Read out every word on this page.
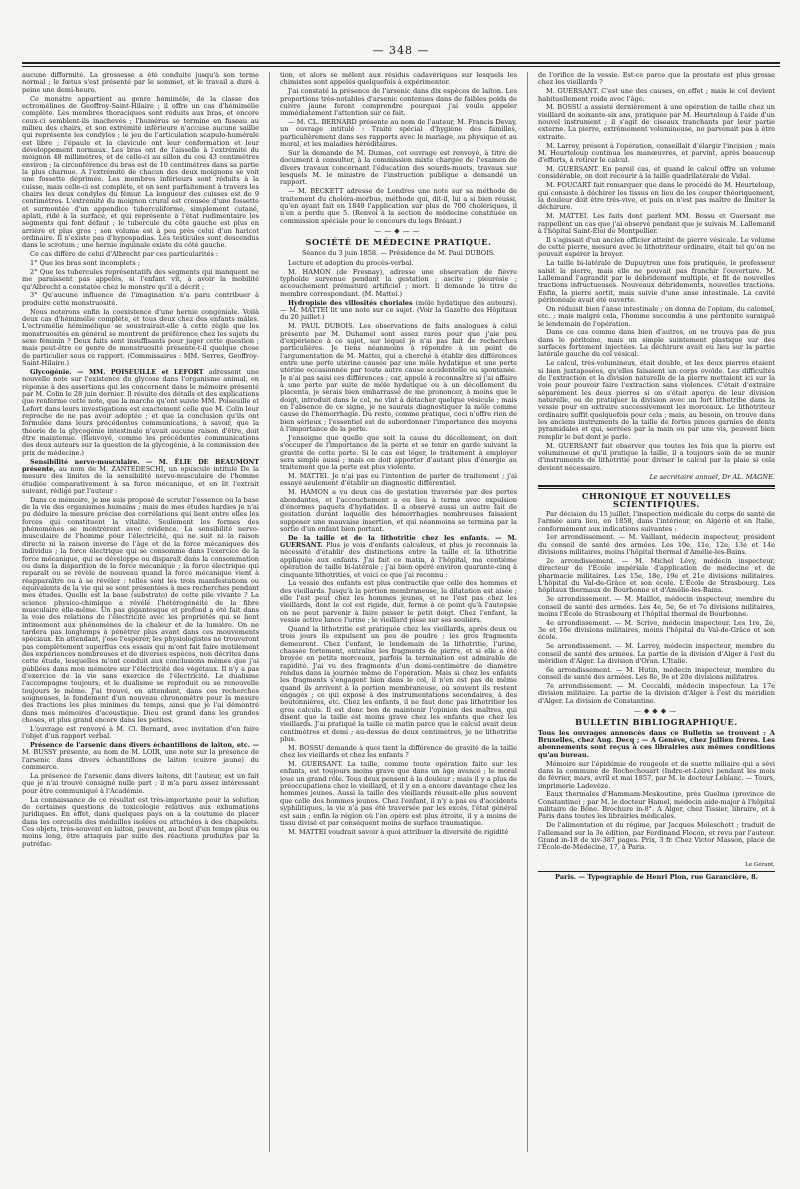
— 348 —

aucune difformité. La grossesse a été conduite jusqu'à son terme normal ; le fœtus s'est présenté par le sommet, et le travail a duré à peine une demi-heure.

Ce monstre appartient au genre hémimèle, de la classe des ectromélines de Geoffroy-Saint-Hilaire ; il offre un cas d'hémimélie complète. Les membres thoraciques sont réduits aux bras, et encore ceux-ci semblent-ils inachevés ; l'humérus se termine en fuseau au milieu des chairs, et son extrémité inférieure n'accuse aucune saillie qui représente les condyles ; le jeu de l'articulation scapulo-humérale est libre ; l'épaule et la clavicule ont leur conformation et leur développement normaux. Les bras ont de l'aisselle à l'extrémité du moignon 48 millimètres, et de celle-ci au sillon du cou 43 centimètres environ ; la circonférence du bras est de 10 centimètres dans sa partie la plus charnue. A l'extrémité de chacun des deux moignons se voit une fossette déprimée. Les membres inférieurs sont réduits à la cuisse, mais celle-ci est complète, et on sent parfaitement à travers les chairs les deux condyles du fémur. La longueur des cuisses est de 9 centimètres. L'extrémité du moignon crural est creusée d'une fossette et surmontée d'un appendice tuberculiforme, simplement cutané, aplati, ridé à la surface, et qui représente à l'état rudimentaire les segments qui font défaut ; le tubercule du côté gauche est plus en arrière et plus gros ; son volume est à peu près celui d'un haricot ordinaire. Il n'existe pas d'hypospadias. Les testicules sont descendus dans le scrotum ; une hernie inguinale existe du côté gauche.

Ce cas diffère de celui d'Albrecht par ces particularités :

1° Que les bras sont incomplets ;

2° Que les tubercules représentatifs des segments qui manquent ne me paraissent pas appelés, si l'enfant vit, à avoir la mobilité qu'Albrecht a constatée chez le monstre qu'il a décrit ;

3° Qu'aucune influence de l'imagination n'a paru contribuer à produire cette monstruosité.

Nous noterons enfin la coexistence d'une hernie congéniale. Voilà deux cas d'hémimélie complète, et tous deux chez des enfants mâles. L'ectromélie hémimélique se soustrairait-elle à cette règle que les monstruosités en général se montrent de préférence chez les sujets du sexe féminin ? Deux faits sont insuffisants pour juger cette question ; mais peut-être ce genre de monstruosité présente-t-il quelque chose de particulier sous ce rapport. (Commissaires : MM. Serres, Geoffroy-Saint-Hilaire.)

Glycogénie. — MM. POISEUILLE et LEFORT adressent une nouvelle note sur l'existence du glycose dans l'organisme animal, en réponse à des assertions qui les concernent dans le mémoire présenté par M. Colin le 28 juin dernier. Il résulte des détails et des explications que renferme cette note, que la marche qu'ont suivie MM. Poiseuille et Lefort dans leurs investigations est exactement celle que M. Colin leur reproche de ne pas avoir adoptée ; et que la conclusion qu'ils ont formulée dans leurs précédentes communications, à savoir, que la théorie de la glycogénie intestinale n'avait aucune raison d'être, doit être maintenue. (Renvoyé, comme les précédentes communications des deux auteurs sur la question de la glycogénie, à la commission des prix de médecine.)

Sensibilité nervo-musculaire. — M. ÉLIE DE BEAUMONT présente, au nom de M. ZANTEDESCHI, un opuscule intitulé De la mesure des limites de la sensibilité nervo-musculaire de l'homme étudiée comparativement à sa force mécanique, et en lit l'extrait suivant, rédigé par l'auteur :

Dans ce mémoire, je me suis proposé de scruter l'essence ou la base de la vie des organismes humains ; mais de mes études hardies je n'ai pu déduire la mesure précise des corrélations qui lient entre elles les forces qui constituent la vitalité. Seulement les formes des phénomènes se montrèrent avec évidence. La sensibilité nervo-musculaire de l'homme pour l'électricité, qui ne suit ni la raison directe ni la raison inverse de l'âge et de la force mécaniques des individus ; la force électrique qui se consomme dans l'exercice de la force mécanique, qui se développe ou disparaît dans la consommation ou dans la disparition de la force mécanique ; la force électrique qui reparaît ou se révèle de nouveau quand la force mécanique vient à réapparaître ou à se révéler : telles sont les trois manifestations ou équivalents de la vie qui se sont présentées à mes recherches pendant mes études. Quelle est la base (substrato) de cette pile vivante ? La science physico-chimique a révélé l'hétérogénéité de la fibre musculaire elle-même. Un pas gigantesque et profond a été fait dans la voie des relations de l'électricité avec les propriétés qui se lient intimement aux phénomènes de la chaleur et de la lumière. On ne tardera pas longtemps à pénétrer plus avant dans ces mouvements spéciaux. En attendant, j'ose l'espérer, les physiologistes ne trouveront pas complètement superflus ces essais qui m'ont fait faire inutilement des expériences nombreuses et de diverses espèces, non décrites dans cette étude, lesquelles m'ont conduit aux conclusions mêmes que j'ai publiées dans mon mémoire sur l'électricité des végétaux. Il n'y a pas d'exercice de la vie sans exercice de l'électricité. Le dualisme l'accompagne toujours, et le dualisme se reproduit ou se renouvelle toujours le même. J'ai trouvé, en attendant, dans ces recherches soigneuses, le fondement d'un nouveau chronomètre pour la mesure des fractions les plus minimes du temps, ainsi que je l'ai démontré dans mes mémoires d'acoustique. Dieu est grand dans les grandes choses, et plus grand encore dans les petites.

L'ouvrage est renvoyé à M. Cl. Bernard, avec invitation d'en faire l'objet d'un rapport verbal.

Présence de l'arsenic dans divers échantillons de laiton, etc. — M. BUSSY présente, au nom de M. LOIR, une note sur la présence de l'arsenic dans divers échantillons de laiton (cuivre jaune) du commerce.

La présence de l'arsenic dans divers laitons, dit l'auteur, est un fait que je n'ai trouvé consigné nulle part ; il m'a paru assez intéressant pour être communiqué à l'Académie.

La connaissance de ce résultat est très-importante pour la solution de certaines questions de toxicologie relatives aux exhumations juridiques. En effet, dans quelques pays on a la coutume de placer dans les cercueils des médailles isolées ou attachées à des chapelets. Ces objets, très-souvent en laiton, peuvent, au bout d'un temps plus ou moins long, être attaqués par suite des réactions produites par la putréfac-

tion, et alors se mêlent aux résidus cadavériques sur lesquels les chimistes sont appelés quelquefois à expérimenter.

J'ai constaté la présence de l'arsenic dans dix espèces de laiton. Les proportions très-notables d'arsenic contenues dans de faibles poids de cuivre jaune feront comprendre pourquoi j'ai voulu appeler immédiatement l'attention sur ce fait.

— M. CL. BERNARD présente au nom de l'auteur, M. Francis Devay, un ouvrage intitulé : Traité spécial d'hygiène des familles, particulièrement dans ses rapports avec le mariage, au physique et au moral, et les maladies héréditaires.

Sur la demande de M. Dumas, cet ouvrage est renvoyé, à titre de document à consulter, à la commission mixte chargée de l'examen de divers travaux concernant l'éducation des sourds-muets, travaux sur lesquels M. le ministre de l'instruction publique a demandé un rapport.

— M. BECKETT adresse de Londres une note sur sa méthode de traitement du choléra-morbus, méthode qui, dit-il, lui a si bien réussi, qu'en ayant fait en 1849 l'application sur plus de 700 cholériques, il n'en a perdu que 5. (Renvoi à la section de médecine constituée en commission spéciale pour le concours du legs Bréant.)

——◆——

SOCIÉTÉ DE MÉDECINE PRATIQUE.

Séance du 3 juin 1858. — Présidence de M. Paul DUBOIS.

Lecture et adoption du procès-verbal.

M. HAMON (de Fresnay), adresse une observation de fièvre typhoïde survenue pendant la gestation ; ascite ; pleurésie ; accouchement prématuré artificiel ; mort. Il demande le titre de membre correspondant. (M. Mattei.)

Hydropisie des villosités choriales (môle hydatique des auteurs). — M. MATTEI lit une note sur ce sujet. (Voir la Gazette des Hôpitaux du 20 juillet.)

M. PAUL DUBOIS. Les observations de faits analogues à celui présenté par M. Duhamel sont assez rares pour que j'aie peu d'expérience à ce sujet, sur lequel je n'ai pas fait de recherches particulières. Je tiens néanmoins à répondre à un point de l'argumentation de M. Mattei, qui a cherché à établir des différences entre une perte utérine causée par une môle hydatique et une perte utérine occasionnée par toute autre cause accidentelle ou spontanée. Je n'ai pas saisi ces différences ; car, appelé à reconnaître si j'ai affaire à une perte par suite de môle hydatique ou à un décollement du placenta, je serais bien embarrassé de me prononcer, à moins que le doigt, introduit dans le col, ne vînt à détacher quelque vésicule ; mais en l'absence de ce signe, je ne saurais diagnostiquer la môle comme cause de l'hémorrhagie. Du reste, comme pratique, ceci n'offre rien de bien sérieux ; l'essentiel est de subordonner l'importance des moyens à l'importance de la perte.

J'enseigne que quelle que soit la cause du décollement, on doit s'occuper de l'importance de la perte et se tenir en garde suivant la gravité de cette perte. Si le cas est léger, le traitement à employer sera simple aussi ; mais on doit apporter d'autant plus d'énergie au traitement que la perte est plus violente.

M. MATTEI. Je n'ai pas eu l'intention de parler de traitement ; j'ai essayé seulement d'établir un diagnostic différentiel.

M. HAMON a vu deux cas de gestation traversée par des pertes abondantes, et l'accouchement a eu lieu à terme avec expulsion d'énormes paquets d'hydatides. Il a observé aussi un autre fait de gestation durant laquelle des hémorrhagies nombreuses faisaient supposer une mauvaise insertion, et qui néanmoins se termina par la sortie d'un enfant bien portant.

De la taille et de la lithotritie chez les enfants. — M. GUERSANT. Plus je vois d'enfants calculeux, et plus je reconnais la nécessité d'établir des distinctions entre la taille et la lithotritie appliquée aux enfants. J'ai fait ce matin, à l'hôpital, ma centième opération de taille bi-latérale ; j'ai bien opéré environ quarante-cinq à cinquante lithotrities, et voici ce que j'ai reconnu :

La vessie des enfants est plus contractile que celle des hommes et des vieillards. Jusqu'à la portion membraneuse, la dilatation est aisée ; elle l'est peut chez les hommes jeunes, et ne l'est pas chez les vieillards, dont le col est rigide, dur, ferme à ce point qu'à l'autopsie on ne peut parvenir à faire passer le petit doigt. Chez l'enfant, la vessie active lance l'urine ; le vieillard pisse sur ses souliers.

Quand la lithotritie est pratiquée chez les vieillards, après deux ou trois jours ils expulsent un peu de poudre ; les gros fragments demeurent. Chez l'enfant, le lendemain de la lithotritie, l'urine, chassée fortement, entraîne les fragments de pierre, et si elle a été broyée en petits morceaux, parfois la termination est admirable de rapidité. J'ai vu des fragments d'un demi-centimètre de diamètre rendus dans la journée même de l'opération. Mais si chez les enfants les fragments s'engagent bien dans le col, il n'en est pas de même quand ils arrivent à la portion membraneuse, où souvent ils restent engagés ; ce qui expose à des instrumentations secondaires, à des boutonnières, etc. Chez les enfants, il ne faut donc pas lithotritier les gros calculs. Il est donc bon de maintenir l'opinion des maîtres, qui disent que la taille est moins grave chez les enfants que chez les vieillards. J'ai pratiqué la taille ce matin parce que le calcul avait deux centimètres et demi ; au-dessus de deux centimètres, je ne lithotritie plus.

M. BOSSU demande à quoi tient la différence de gravité de la taille chez les vieillards et chez les enfants ?

M. GUERSANT. La taille, comme toute opération faite sur les enfants, est toujours moins grave que dans un âge avancé ; le moral joue un grand rôle. Tous deux pensent à la douleur ; mais il y a plus de préoccupations chez le vieillard, et il y en a encore davantage chez les hommes jeunes. Aussi la taille des vieillards réussit-elle plus souvent que celle des hommes jeunes. Chez l'enfant, il n'y a pas eu d'accidents syphilitiques, la vie n'a pas été traversée par les excès, l'état général est sain ; enfin la région où l'on opère est plus étroite, il y a moins de tissu divisé et par conséquent moins de surface traumatique.

M. MATTEI voudrait savoir à quoi attribuer la diversité de rigidité

de l'orifice de la vessie. Est-ce parce que la prostate est plus grosse chez les vieillards ?

M. GUERSANT. C'est une des causes, en effet ; mais le col devient habituellement roide avec l'âge.

M. BOSSU a assisté dernièrement à une opération de taille chez un vieillard de soixante-six ans, pratiquée par M. Heurteloup à l'aide d'un nouvel instrument ; il s'agit de ciseaux tranchants par leur partie externe. La pierre, extrêmement volumineuse, ne parvenait pas à être extraite.

M. Larrey, présent à l'opération, conseillait d'élargir l'incision ; mais M. Heurteloup continua les manœuvres, et parvint, après beaucoup d'efforts, à retirer le calcul.

M. GUERSANT. En pareil cas, et quand le calcul offre un volume considérable, on doit recourir à la taille quadrilatérale de Vidal.

M. FOUCART fait remarquer que dans le procédé de M. Heurteloup, qui consiste à déchirer les tissus en lieu de les couper théoriquement, la douleur doit être très-vive, et puis on n'est pas maître de limiter la déchirure.

M. MATTEI. Les faits dont parlent MM. Bossu et Guersant me rappellent un cas que j'ai observé pendant que je suivais M. Lallemand à l'hôpital Saint-Éloi de Montpellier.

Il s'agissait d'un ancien officier atteint de pierre vésicale. Le volume de cette pierre, mesuré avec le lithotriteur ordinaire, était tel qu'on ne pouvait espérer la broyer.

La taille bi-latérale de Dupuytren une fois pratiquée, le professeur saisit la pierre, mais elle ne pouvait pas franchir l'ouverture. M. Lallemand l'agrandit par le débridement multiple, et fit de nouvelles tractions infructueuses. Nouveaux débridements, nouvelles tractions. Enfin, la pierre sortit, mais suivie d'une anse intestinale. La cavité péritonéale avait été ouverte.

On réduisit bien l'anse intestinale ; on donna de l'opium, du calomel, etc. ; mais malgré cela, l'homme succomba à une péritonite suraiguë le lendemain de l'opération.

Dans ce cas comme dans bien d'autres, on ne trouva pas de pus dans le péritoine, mais un simple suintement plastique sur des surfaces fortement injectées. La déchirure avait eu lieu sur la partie latérale gauche du col vésical.

Le calcul, très-volumineux, était double, et les deux pierres étaient si bien juxtaposées, qu'elles faisaient un corps ovoïde. Les difficultés de l'extraction et la division naturelle de la pierre mettaient ici sur la voie pour pouvoir faire l'extraction sans violences. C'était d'extraire séparément les deux pierres si on s'était aperçu de leur division naturelle, ou de pratiquer la division avec un fort lithotribe dans la vessie pour en extraire successivement les morceaux. Le lithotriteur ordinaire suffit quelquefois pour cela ; mais, au besoin, on trouve dans les anciens instruments de la taille de fortes pinces garnies de dents pyramidales et qui, serrées par la main ou par une vis, peuvent bien remplir le but dont je parle.

M. GUERSANT fait observer que toutes les fois que la pierre est volumineuse et qu'il pratique la taille, il a toujours soin de se munir d'instruments de lithotritie pour diviser le calcul par la plaie si cela devient nécessaire.

Le secrétaire annuel, Dr AL. MAGNE.

CHRONIQUE ET NOUVELLES SCIENTIFIQUES.

Par décision du 15 juillet, l'inspection médicale du corps de santé de l'armée aura lieu, en 1858, dans l'intérieur, en Algérie et en Italie, conformément aux indications suivantes :

1er arrondissement. — M. Vaillant, médecin inspecteur, président du conseil de santé des armées. Les 10e, 11e, 12e, 13e et 14e divisions militaires, moins l'hôpital thermal d'Amélie-les-Bains.

2e arrondissement. — M. Michel Lévy, médecin inspecteur, directeur de l'École impériale d'application de médecine et de pharmacie militaires. Les 15e, 18e, 19e et 21e divisions militaires. L'hôpital du Val-de-Grâce et son école. L'École de Strasbourg. Les hôpitaux thermaux de Bourbonne et d'Amélie-les-Bains.

3e arrondissement. — M. Maillot, médecin inspecteur, membre du conseil de santé des armées. Les 4e, 5e, 6e et 7e divisions militaires, moins l'École de Strasbourg et l'hôpital thermal de Bourbonne.

4e arrondissement. — M. Scrive, médecin inspecteur. Les 1re, 2e, 3e et 16e divisions militaires, moins l'hôpital du Val-de-Grâce et son école.

5e arrondissement. — M. Larrey, médecin inspecteur, membre du conseil de santé des armées. La partie de la division d'Alger à l'est du méridien d'Alger. La division d'Oran. L'Italie.

6e arrondissement. — M. Hutin, médecin inspecteur, membre du conseil de santé des armées. Les 8e, 9e et 20e divisions militaires.

7e arrondissement. — M. Ceccaldi, médecin inspecteur. La 17e division militaire. La partie de la division d'Alger à l'est du méridien d'Alger. La division de Constantine.

—◆◆◆—

BULLETIN BIBLIOGRAPHIQUE.

Tous les ouvrages annoncés dans ce Bulletin se trouvent : A Bruxelles, chez Aug. Decq ; — A Genève, chez Jullien frères. Les abonnements sont reçus à ces librairies aux mêmes conditions qu'au bureau.

Mémoire sur l'épidémie de rougeole et de suette miliaire qui a sévi dans la commune de Rochechouart (Indre-et-Loire) pendant les mois de février, mars, avril et mai 1857, par M. le docteur Leblanc. — Tours, imprimerie Ladevèze.

Eaux thermales d'Hammam-Meskoutine, près Guelma (province de Constantine) ; par M. le docteur Hamel, médecin aide-major à l'hôpital militaire de Bône. Brochure in-8°. A Alger, chez Tissier, libraire, et à Paris dans toutes les librairies médicales.

De l'alimentation et du régime, par Jacques Moleschott ; traduit de l'allemand sur la 3e édition, par Ferdinand Flocon, et revu par l'auteur. Grand in-18 de xiv-387 pages. Prix, 3 fr. Chez Victor Masson, place de l'École-de-Médecine, 17, à Paris.

Le Gérant,

Paris. — Typographie de Henri Plon, rue Garancière, 8.
